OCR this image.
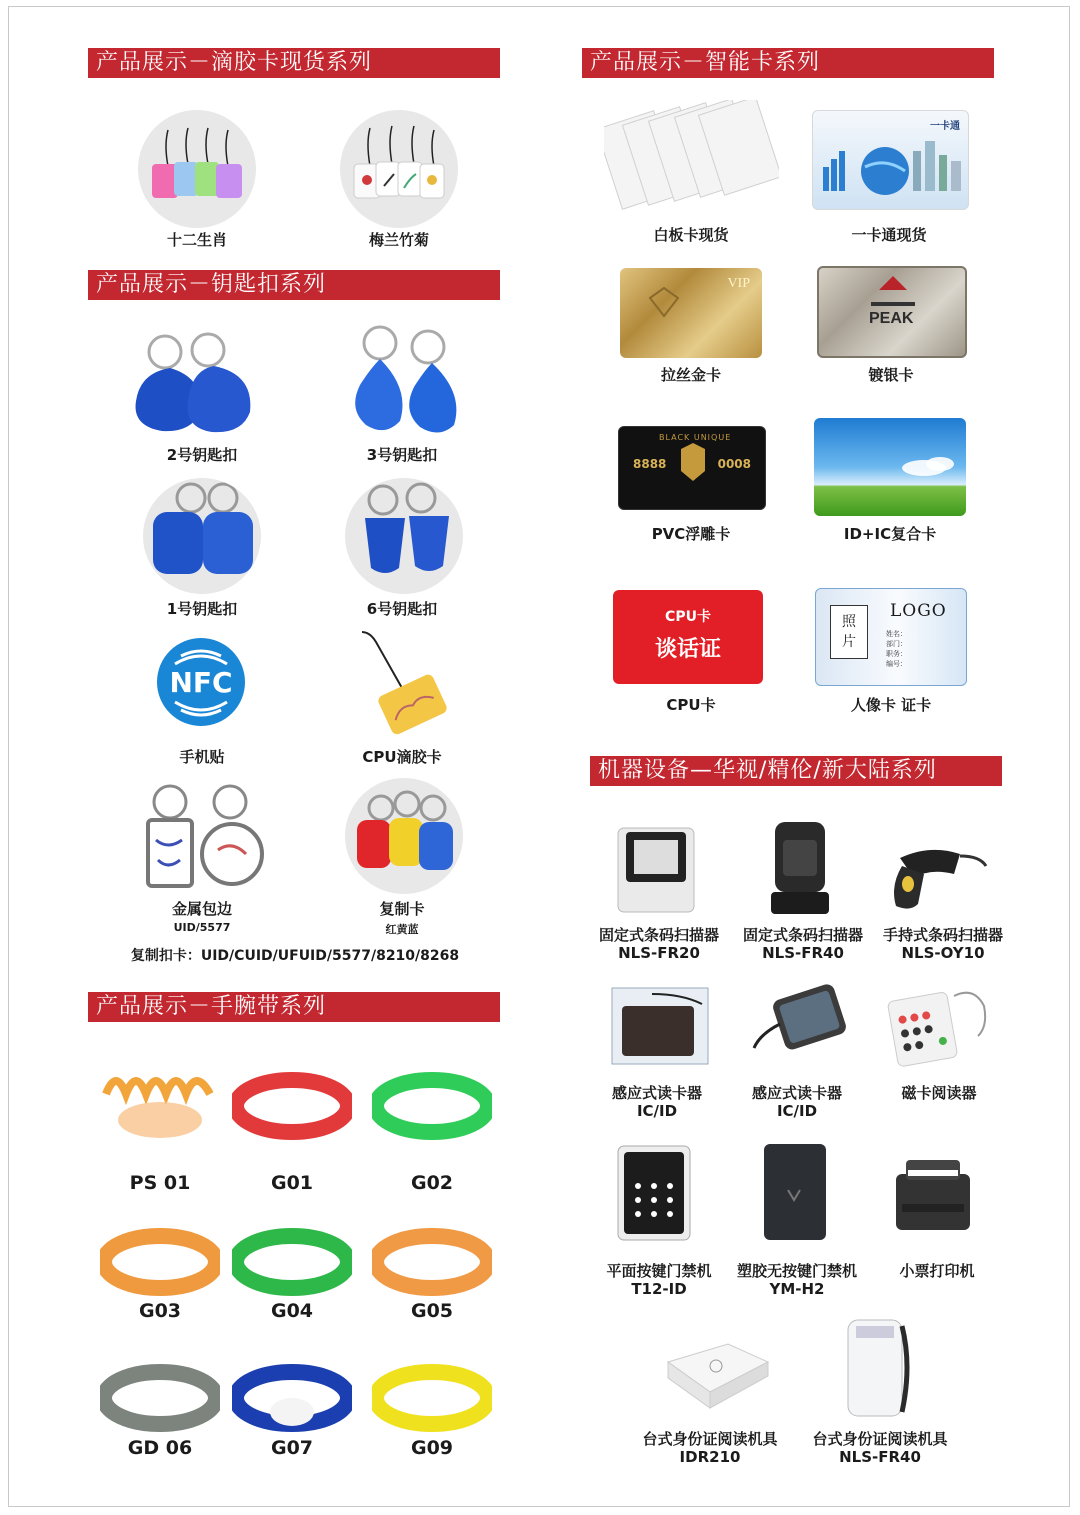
产品展示－滴胶卡现货系列
十二生肖	梅兰竹菊
产品展示－钥匙扣系列
2号钥匙扣	3号钥匙扣
1号钥匙扣	6号钥匙扣
NFC
手机贴	CPU滴胶卡
金属包边	复制卡
UID/5577	红黄蓝
复制扣卡：UID/CUID/UFUID/5577/8210/8268
产品展示－手腕带系列
PS 01	G01	G02
G03	G04	G05
GD 06	G07	G09
产品展示－智能卡系列
一卡通
白板卡现货	一卡通现货
VIP
PEAK
拉丝金卡	镀银卡
BLACK UNIQUE
8888	0008
PVC浮雕卡	ID+IC复合卡
CPU卡
谈话证
照
片
LOGO
姓名：
部门：
职务：
编号：
CPU卡	人像卡 证卡
机器设备—华视/精伦/新大陆系列
固定式条码扫描器
NLS-FR20
固定式条码扫描器
NLS-FR40
手持式条码扫描器
NLS-OY10
感应式读卡器
IC/ID
感应式读卡器
IC/ID
磁卡阅读器
平面按键门禁机
T12-ID
塑胶无按键门禁机
YM-H2
小票打印机
台式身份证阅读机具
IDR210
台式身份证阅读机具
NLS-FR40
